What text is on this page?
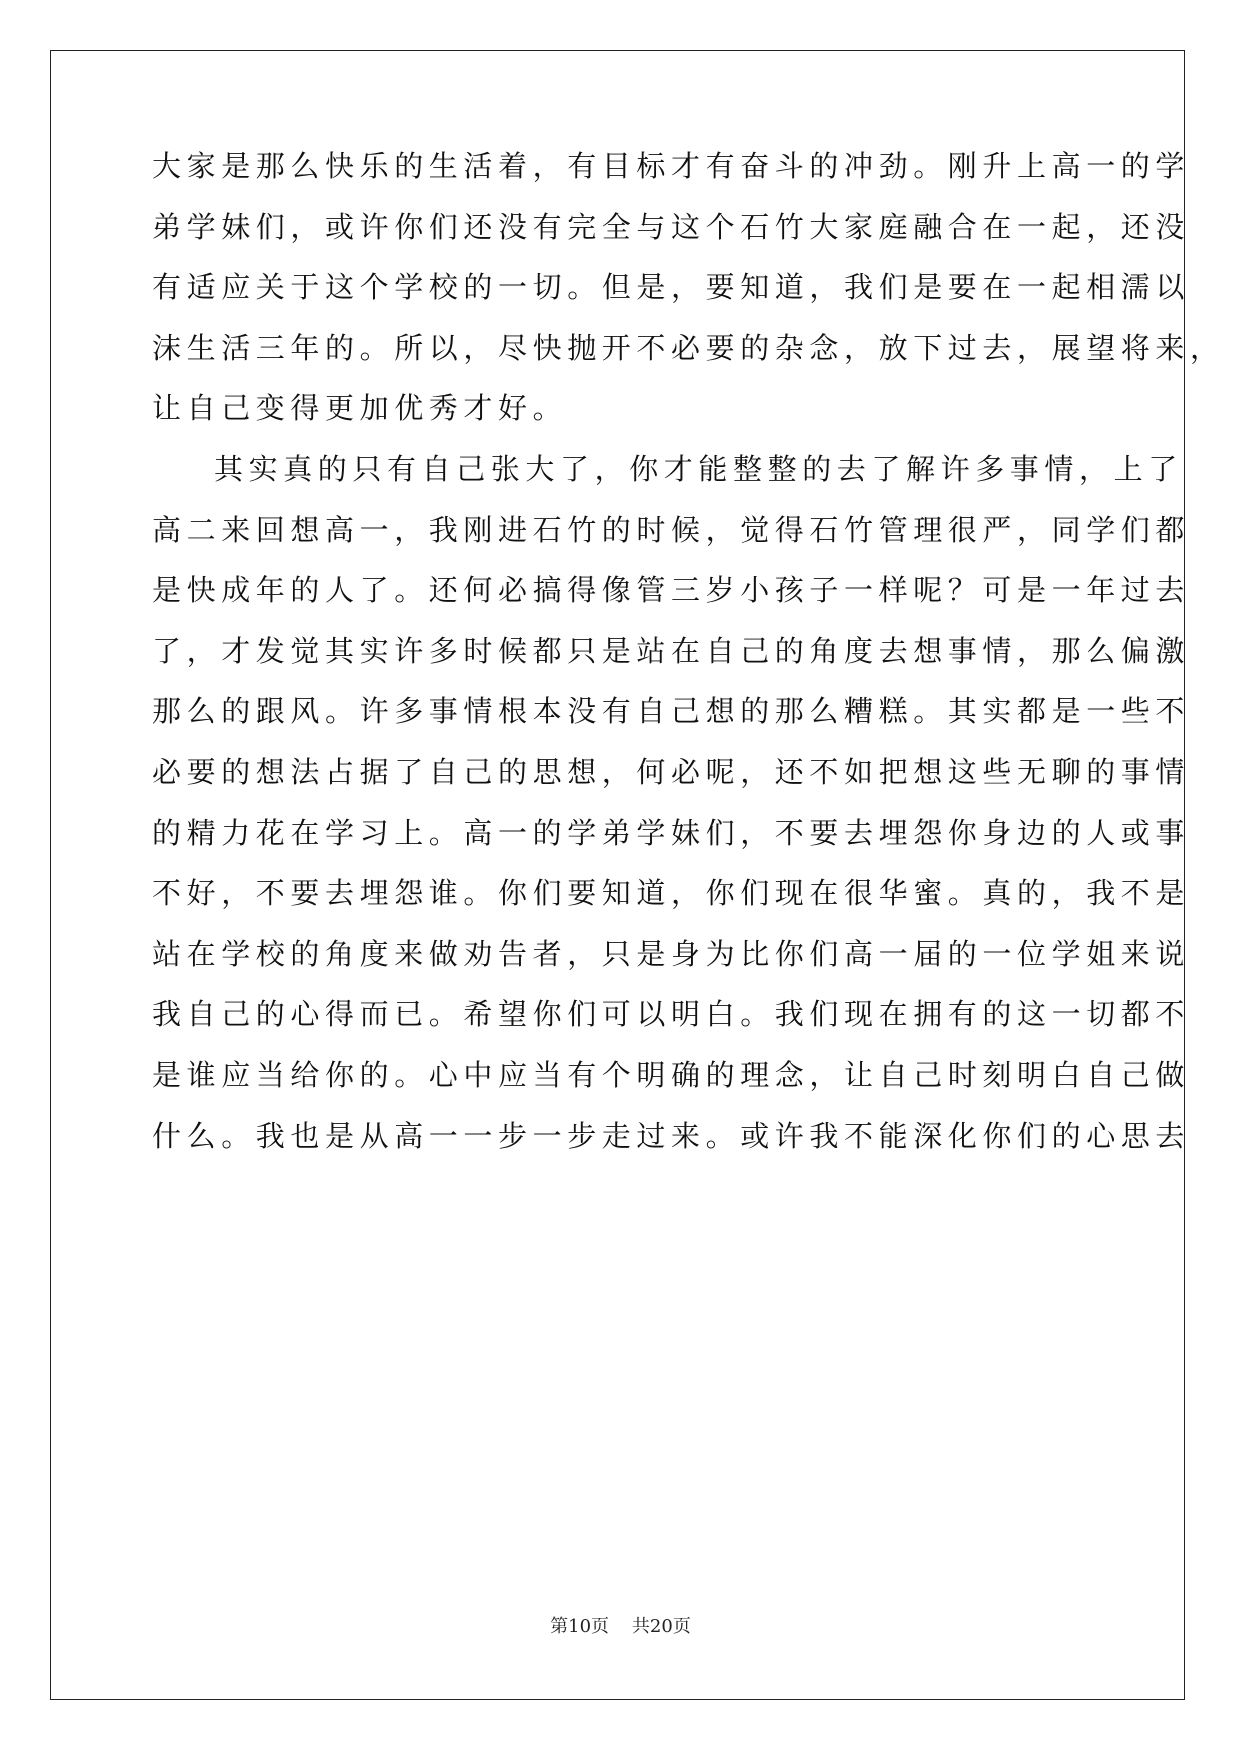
大家是那么快乐的生活着，有目标才有奋斗的冲劲。刚升上高一的学
弟学妹们，或许你们还没有完全与这个石竹大家庭融合在一起，还没
有适应关于这个学校的一切。但是，要知道，我们是要在一起相濡以
沫生活三年的。所以，尽快抛开不必要的杂念，放下过去，展望将来，
让自己变得更加优秀才好。
其实真的只有自己张大了，你才能整整的去了解许多事情，上了
高二来回想高一，我刚进石竹的时候，觉得石竹管理很严，同学们都
是快成年的人了。还何必搞得像管三岁小孩子一样呢？可是一年过去
了，才发觉其实许多时候都只是站在自己的角度去想事情，那么偏激
那么的跟风。许多事情根本没有自己想的那么糟糕。其实都是一些不
必要的想法占据了自己的思想，何必呢，还不如把想这些无聊的事情
的精力花在学习上。高一的学弟学妹们，不要去埋怨你身边的人或事
不好，不要去埋怨谁。你们要知道，你们现在很华蜜。真的，我不是
站在学校的角度来做劝告者，只是身为比你们高一届的一位学姐来说
我自己的心得而已。希望你们可以明白。我们现在拥有的这一切都不
是谁应当给你的。心中应当有个明确的理念，让自己时刻明白自己做
什么。我也是从高一一步一步走过来。或许我不能深化你们的心思去
第10页    共20页
